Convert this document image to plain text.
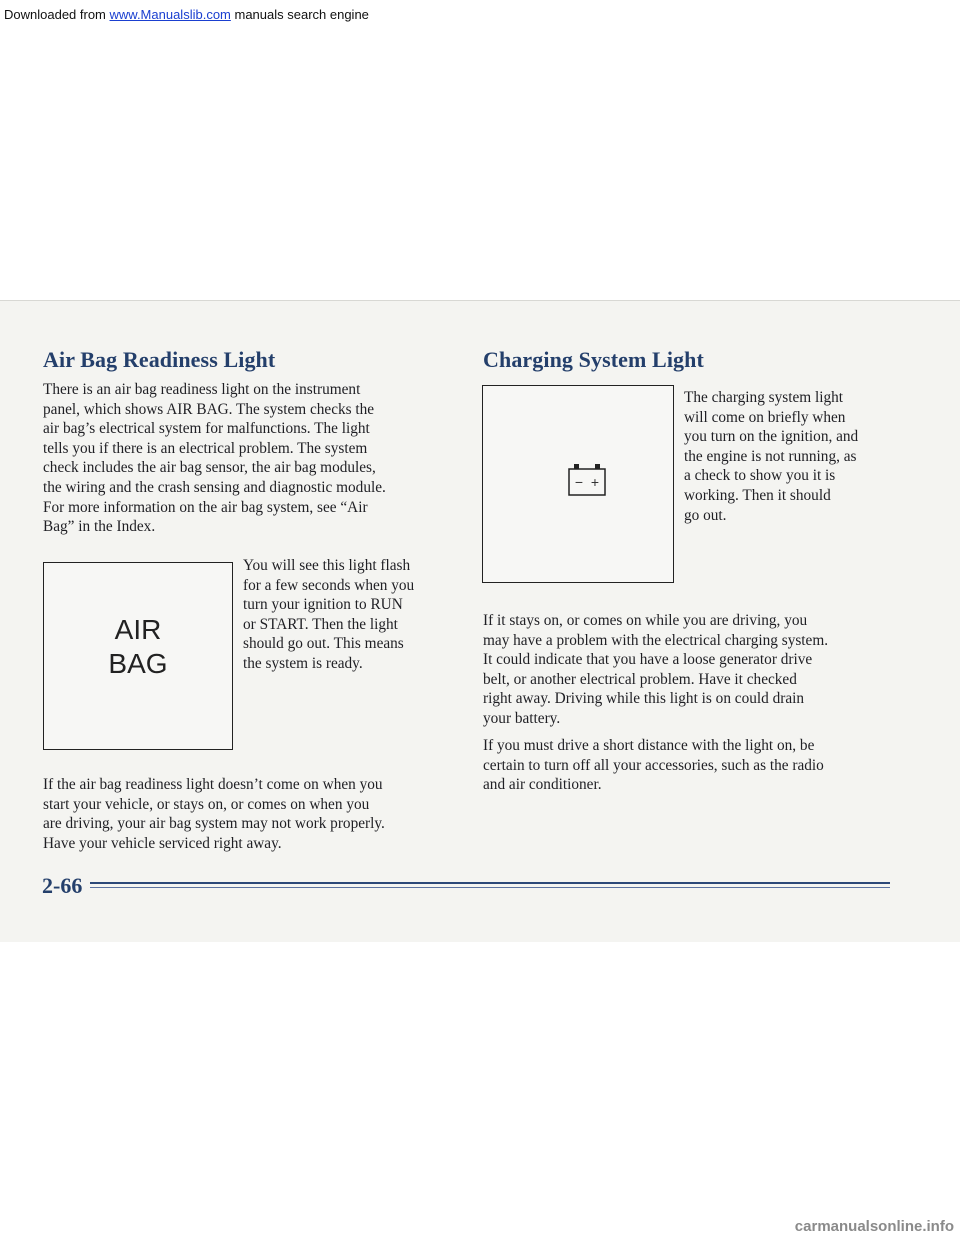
Downloaded from www.Manualslib.com manuals search engine
Air Bag Readiness Light
There is an air bag readiness light on the instrument
panel, which shows AIR BAG. The system checks the
air bag’s electrical system for malfunctions. The light
tells you if there is an electrical problem. The system
check includes the air bag sensor, the air bag modules,
the wiring and the crash sensing and diagnostic module.
For more information on the air bag system, see “Air
Bag” in the Index.
AIR
BAG
You will see this light flash
for a few seconds when you
turn your ignition to RUN
or START. Then the light
should go out. This means
the system is ready.
If the air bag readiness light doesn’t come on when you
start your vehicle, or stays on, or comes on when you
are driving, your air bag system may not work properly.
Have your vehicle serviced right away.
Charging System Light
− +
The charging system light
will come on briefly when
you turn on the ignition, and
the engine is not running, as
a check to show you it is
working. Then it should
go out.
If it stays on, or comes on while you are driving, you
may have a problem with the electrical charging system.
It could indicate that you have a loose generator drive
belt, or another electrical problem. Have it checked
right away. Driving while this light is on could drain
your battery.
If you must drive a short distance with the light on, be
certain to turn off all your accessories, such as the radio
and air conditioner.
2-66
carmanualsonline.info
